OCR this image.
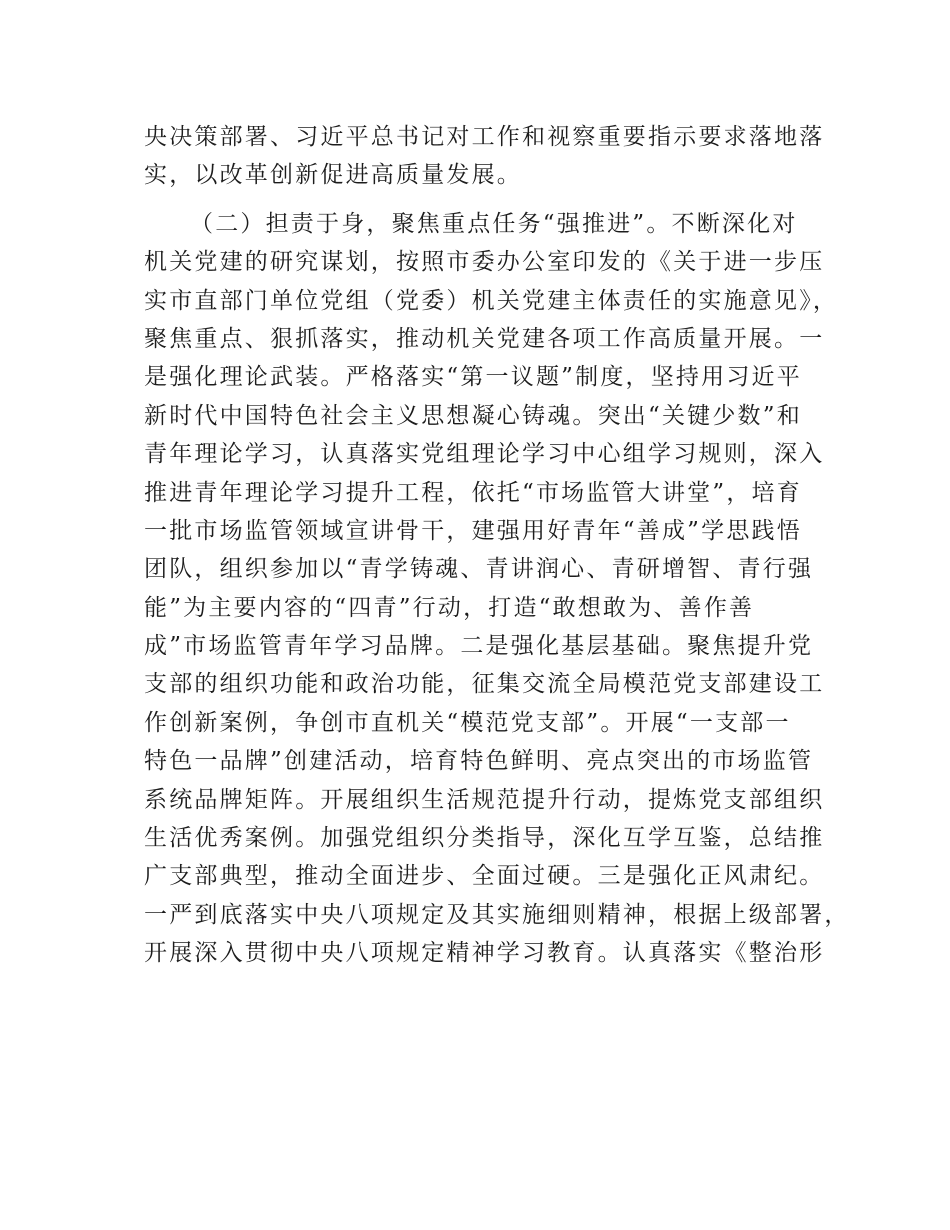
央决策部署、习近平总书记对工作和视察重要指示要求落地落
实，以改革创新促进高质量发展。
（二）担责于身，聚焦重点任务“强推进”。不断深化对
机关党建的研究谋划，按照市委办公室印发的《关于进一步压
实市直部门单位党组（党委）机关党建主体责任的实施意见》，
聚焦重点、狠抓落实，推动机关党建各项工作高质量开展。一
是强化理论武装。严格落实“第一议题”制度，坚持用习近平
新时代中国特色社会主义思想凝心铸魂。突出“关键少数”和
青年理论学习，认真落实党组理论学习中心组学习规则，深入
推进青年理论学习提升工程，依托“市场监管大讲堂”，培育
一批市场监管领域宣讲骨干，建强用好青年“善成”学思践悟
团队，组织参加以“青学铸魂、青讲润心、青研增智、青行强
能”为主要内容的“四青”行动，打造“敢想敢为、善作善
成”市场监管青年学习品牌。二是强化基层基础。聚焦提升党
支部的组织功能和政治功能，征集交流全局模范党支部建设工
作创新案例，争创市直机关“模范党支部”。开展“一支部一
特色一品牌”创建活动，培育特色鲜明、亮点突出的市场监管
系统品牌矩阵。开展组织生活规范提升行动，提炼党支部组织
生活优秀案例。加强党组织分类指导，深化互学互鉴，总结推
广支部典型，推动全面进步、全面过硬。三是强化正风肃纪。
一严到底落实中央八项规定及其实施细则精神，根据上级部署，
开展深入贯彻中央八项规定精神学习教育。认真落实《整治形
